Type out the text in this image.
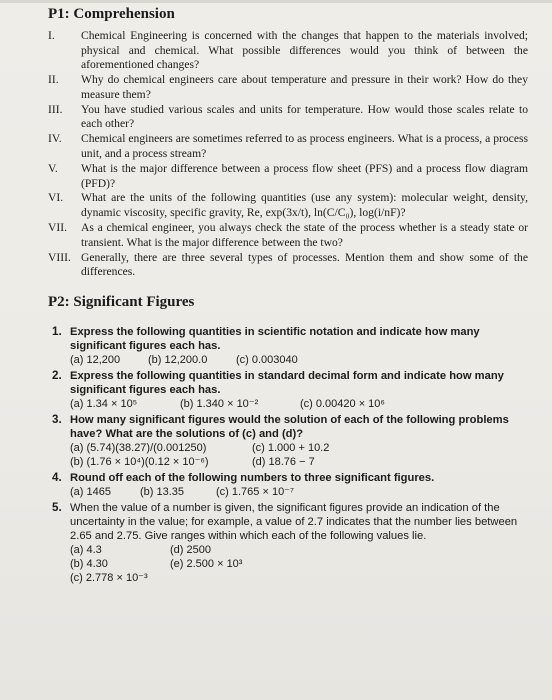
P1: Comprehension
I.	Chemical Engineering is concerned with the changes that happen to the materials involved; physical and chemical. What possible differences would you think of between the aforementioned changes?
II.	Why do chemical engineers care about temperature and pressure in their work? How do they measure them?
III.	You have studied various scales and units for temperature. How would those scales relate to each other?
IV.	Chemical engineers are sometimes referred to as process engineers. What is a process, a process unit, and a process stream?
V.	What is the major difference between a process flow sheet (PFS) and a process flow diagram (PFD)?
VI.	What are the units of the following quantities (use any system): molecular weight, density, dynamic viscosity, specific gravity, Re, exp(3x/t), ln(C/C₀), log(i/nF)?
VII.	As a chemical engineer, you always check the state of the process whether is a steady state or transient. What is the major difference between the two?
VIII. Generally, there are three several types of processes. Mention them and show some of the differences.
P2: Significant Figures
1. Express the following quantities in scientific notation and indicate how many significant figures each has.
(a) 12,200	(b) 12,200.0	(c) 0.003040
2. Express the following quantities in standard decimal form and indicate how many significant figures each has.
(a) 1.34 × 10⁵	(b) 1.340 × 10⁻²	(c) 0.00420 × 10⁶
3. How many significant figures would the solution of each of the following problems have? What are the solutions of (c) and (d)?
(a) (5.74)(38.27)/(0.001250)	(c) 1.000 + 10.2
(b) (1.76 × 10⁴)(0.12 × 10⁻⁶)	(d) 18.76 − 7
4. Round off each of the following numbers to three significant figures.
(a) 1465	(b) 13.35	(c) 1.765 × 10⁻⁷
5. When the value of a number is given, the significant figures provide an indication of the uncertainty in the value; for example, a value of 2.7 indicates that the number lies between 2.65 and 2.75. Give ranges within which each of the following values lie.
(a) 4.3	(d) 2500
(b) 4.30	(e) 2.500 × 10³
(c) 2.778 × 10⁻³
